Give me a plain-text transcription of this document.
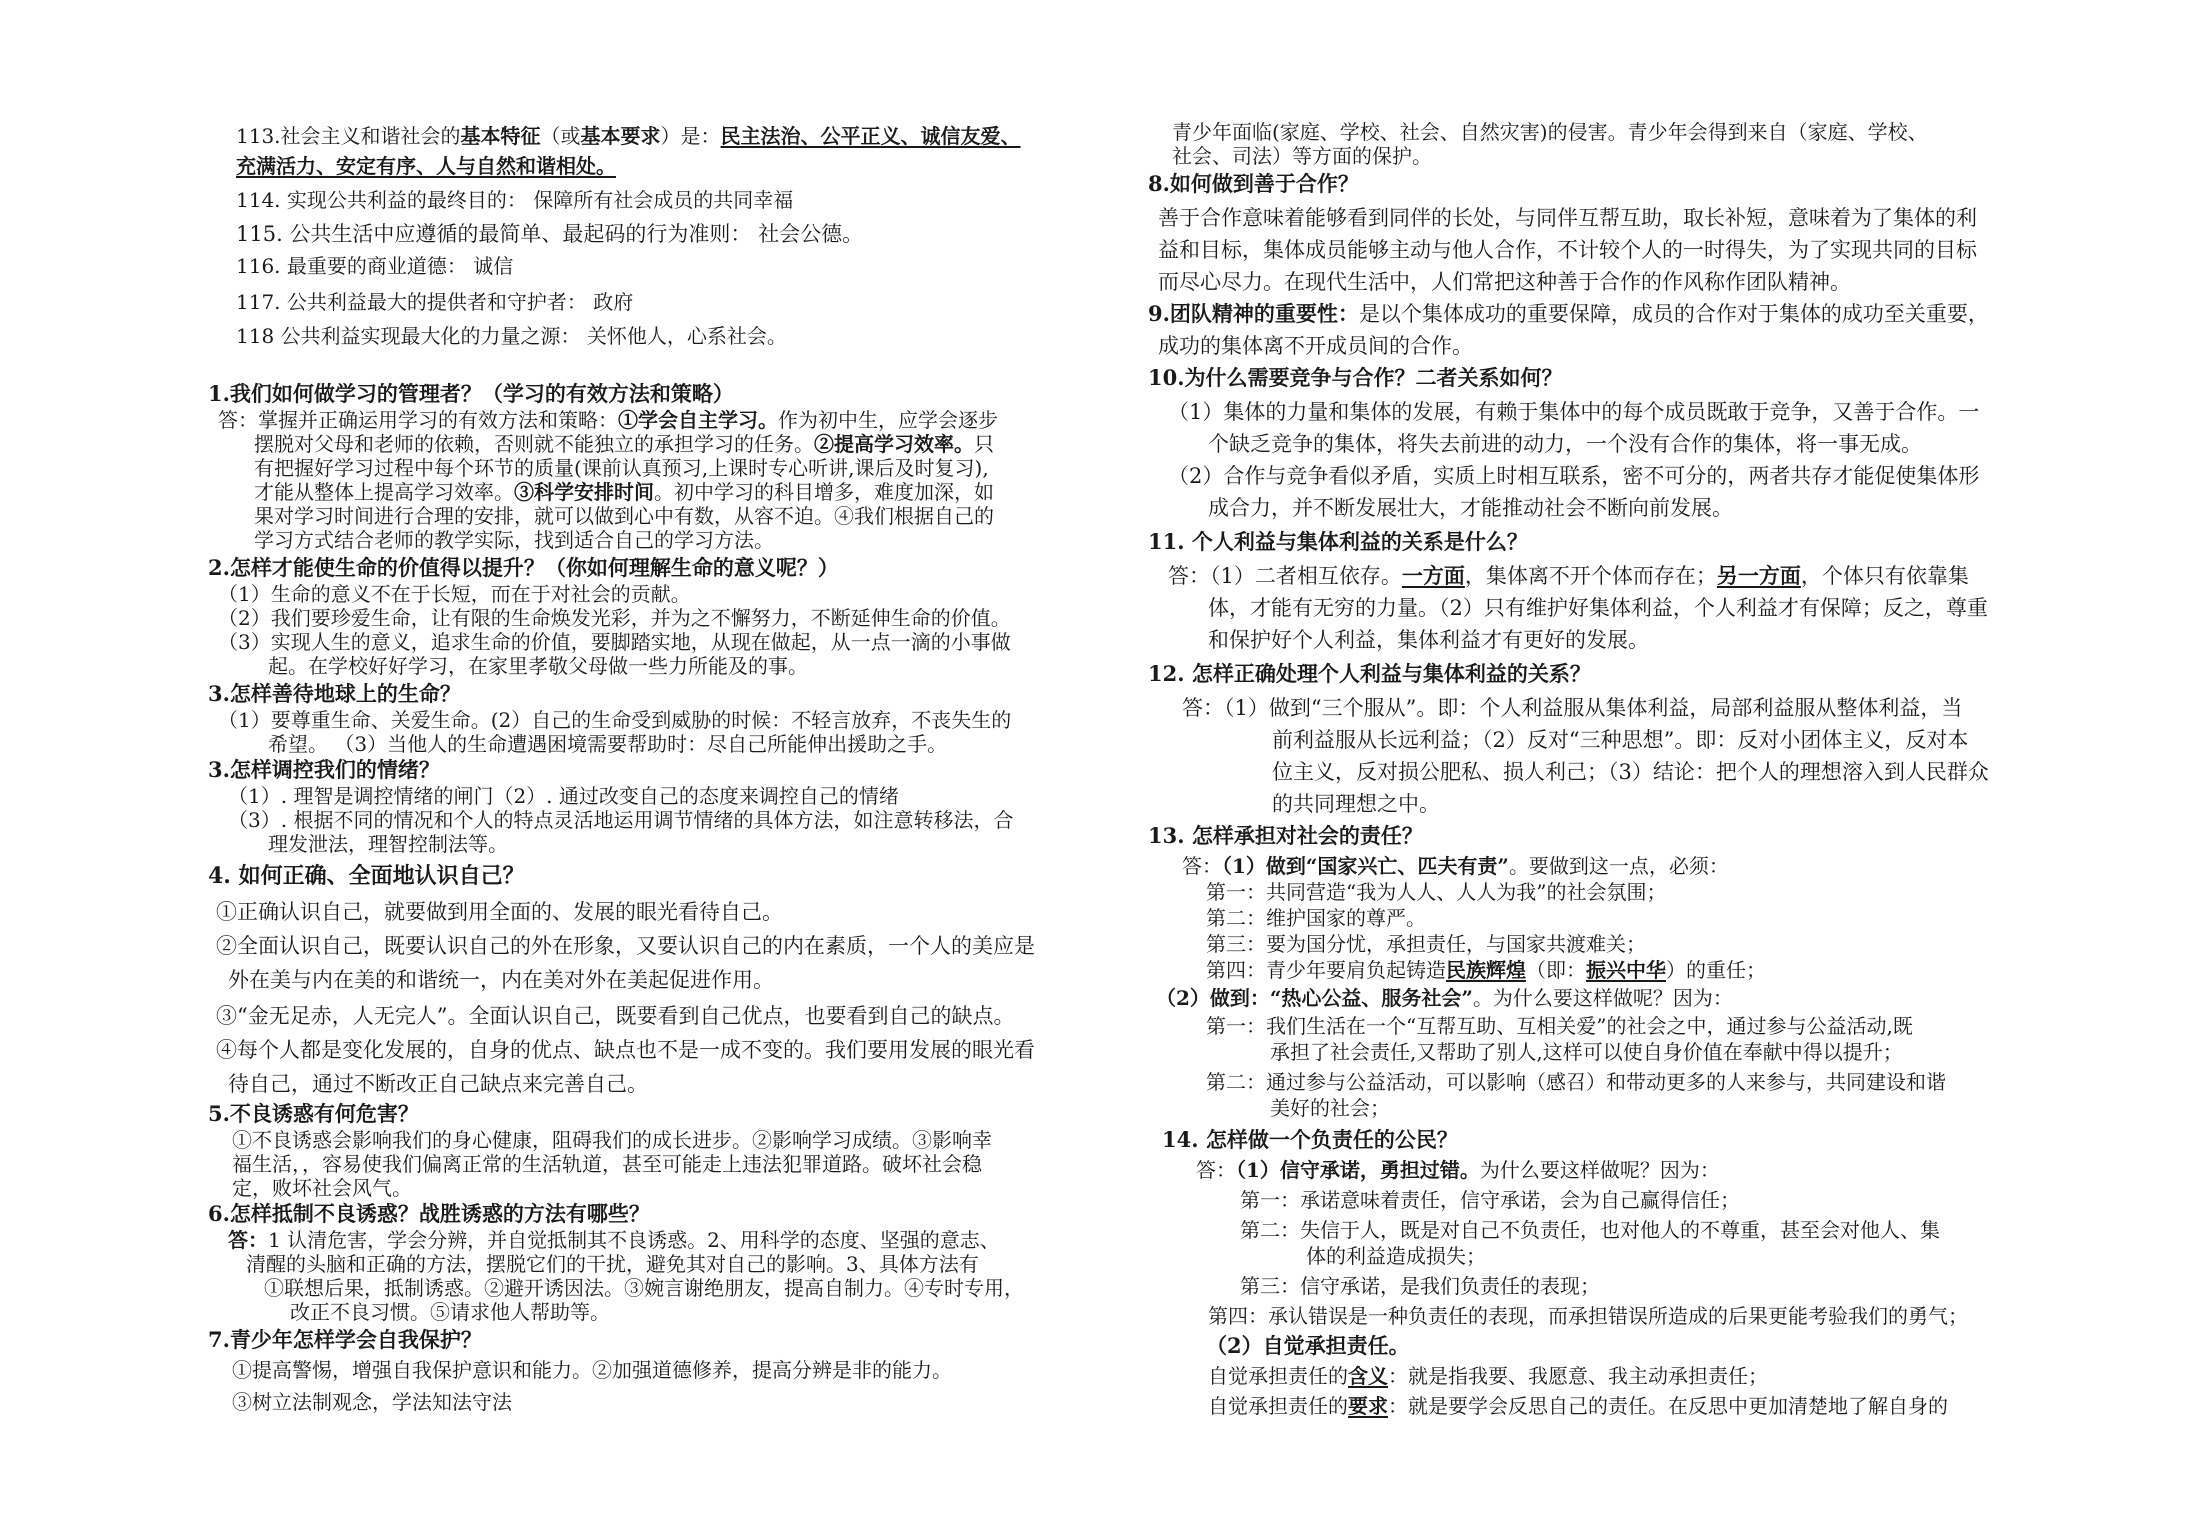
113.社会主义和谐社会的基本特征（或基本要求）是：民主法治、公平正义、诚信友爱、
充满活力、安定有序、人与自然和谐相处。
114. 实现公共利益的最终目的： 保障所有社会成员的共同幸福
115. 公共生活中应遵循的最简单、最起码的行为准则： 社会公德。
116. 最重要的商业道德： 诚信
117. 公共利益最大的提供者和守护者： 政府
118 公共利益实现最大化的力量之源： 关怀他人，心系社会。
1.我们如何做学习的管理者？（学习的有效方法和策略）
答：掌握并正确运用学习的有效方法和策略：①学会自主学习。作为初中生，应学会逐步
摆脱对父母和老师的依赖，否则就不能独立的承担学习的任务。②提高学习效率。只
有把握好学习过程中每个环节的质量(课前认真预习,上课时专心听讲,课后及时复习),
才能从整体上提高学习效率。③科学安排时间。初中学习的科目增多，难度加深，如
果对学习时间进行合理的安排，就可以做到心中有数，从容不迫。④我们根据自己的
学习方式结合老师的教学实际，找到适合自己的学习方法。
2.怎样才能使生命的价值得以提升？（你如何理解生命的意义呢？）
（1）生命的意义不在于长短，而在于对社会的贡献。
（2）我们要珍爱生命，让有限的生命焕发光彩，并为之不懈努力，不断延伸生命的价值。
（3）实现人生的意义，追求生命的价值，要脚踏实地，从现在做起，从一点一滴的小事做
起。在学校好好学习，在家里孝敬父母做一些力所能及的事。
3.怎样善待地球上的生命？
（1）要尊重生命、关爱生命。(2）自己的生命受到威胁的时候：不轻言放弃，不丧失生的
希望。 （3）当他人的生命遭遇困境需要帮助时：尽自己所能伸出援助之手。
3.怎样调控我们的情绪？
（1）. 理智是调控情绪的闸门（2）. 通过改变自己的态度来调控自己的情绪
（3）. 根据不同的情况和个人的特点灵活地运用调节情绪的具体方法，如注意转移法，合
理发泄法，理智控制法等。
4. 如何正确、全面地认识自己？
①正确认识自己，就要做到用全面的、发展的眼光看待自己。
②全面认识自己，既要认识自己的外在形象，又要认识自己的内在素质，一个人的美应是
外在美与内在美的和谐统一，内在美对外在美起促进作用。
③“金无足赤，人无完人”。全面认识自己，既要看到自己优点，也要看到自己的缺点。
④每个人都是变化发展的，自身的优点、缺点也不是一成不变的。我们要用发展的眼光看
待自己，通过不断改正自己缺点来完善自己。
5.不良诱惑有何危害？
①不良诱惑会影响我们的身心健康，阻碍我们的成长进步。②影响学习成绩。③影响幸
福生活，，容易使我们偏离正常的生活轨道，甚至可能走上违法犯罪道路。破坏社会稳
定，败坏社会风气。
6.怎样抵制不良诱惑？战胜诱惑的方法有哪些？
答：1 认清危害，学会分辨，并自觉抵制其不良诱惑。2、用科学的态度、坚强的意志、
清醒的头脑和正确的方法，摆脱它们的干扰，避免其对自己的影响。3、具体方法有
①联想后果，抵制诱惑。②避开诱因法。③婉言谢绝朋友，提高自制力。④专时专用，
改正不良习惯。⑤请求他人帮助等。
7.青少年怎样学会自我保护？
①提高警惕，增强自我保护意识和能力。②加强道德修养，提高分辨是非的能力。
③树立法制观念，学法知法守法
青少年面临(家庭、学校、社会、自然灾害)的侵害。青少年会得到来自（家庭、学校、
社会、司法）等方面的保护。
8.如何做到善于合作？
善于合作意味着能够看到同伴的长处，与同伴互帮互助，取长补短，意味着为了集体的利
益和目标，集体成员能够主动与他人合作，不计较个人的一时得失，为了实现共同的目标
而尽心尽力。在现代生活中，人们常把这种善于合作的作风称作团队精神。
9.团队精神的重要性：是以个集体成功的重要保障，成员的合作对于集体的成功至关重要，
成功的集体离不开成员间的合作。
10.为什么需要竞争与合作？二者关系如何？
（1）集体的力量和集体的发展，有赖于集体中的每个成员既敢于竞争，又善于合作。一
个缺乏竞争的集体，将失去前进的动力，一个没有合作的集体，将一事无成。
（2）合作与竞争看似矛盾，实质上时相互联系，密不可分的，两者共存才能促使集体形
成合力，并不断发展壮大，才能推动社会不断向前发展。
11. 个人利益与集体利益的关系是什么？
答：（1）二者相互依存。一方面，集体离不开个体而存在；另一方面，个体只有依靠集
体，才能有无穷的力量。（2）只有维护好集体利益，个人利益才有保障；反之，尊重
和保护好个人利益，集体利益才有更好的发展。
12. 怎样正确处理个人利益与集体利益的关系？
答：（1）做到“三个服从”。即：个人利益服从集体利益，局部利益服从整体利益，当
前利益服从长远利益；（2）反对“三种思想”。即：反对小团体主义，反对本
位主义，反对损公肥私、损人利己；（3）结论：把个人的理想溶入到人民群众
的共同理想之中。
13. 怎样承担对社会的责任？
答：（1）做到“国家兴亡、匹夫有责”。要做到这一点，必须：
第一：共同营造“我为人人、人人为我”的社会氛围；
第二：维护国家的尊严。
第三：要为国分忧，承担责任，与国家共渡难关；
第四：青少年要肩负起铸造民族辉煌（即：振兴中华）的重任；
（2）做到：“热心公益、服务社会”。为什么要这样做呢？因为：
第一：我们生活在一个“互帮互助、互相关爱”的社会之中，通过参与公益活动,既
承担了社会责任,又帮助了别人,这样可以使自身价值在奉献中得以提升；
第二：通过参与公益活动，可以影响（感召）和带动更多的人来参与，共同建设和谐
美好的社会；
14. 怎样做一个负责任的公民？
答：（1）信守承诺，勇担过错。为什么要这样做呢？因为：
第一：承诺意味着责任，信守承诺，会为自己赢得信任；
第二：失信于人，既是对自己不负责任，也对他人的不尊重，甚至会对他人、集
体的利益造成损失；
第三：信守承诺，是我们负责任的表现；
第四：承认错误是一种负责任的表现，而承担错误所造成的后果更能考验我们的勇气；
（2）自觉承担责任。
自觉承担责任的含义：就是指我要、我愿意、我主动承担责任；
自觉承担责任的要求：就是要学会反思自己的责任。在反思中更加清楚地了解自身的
